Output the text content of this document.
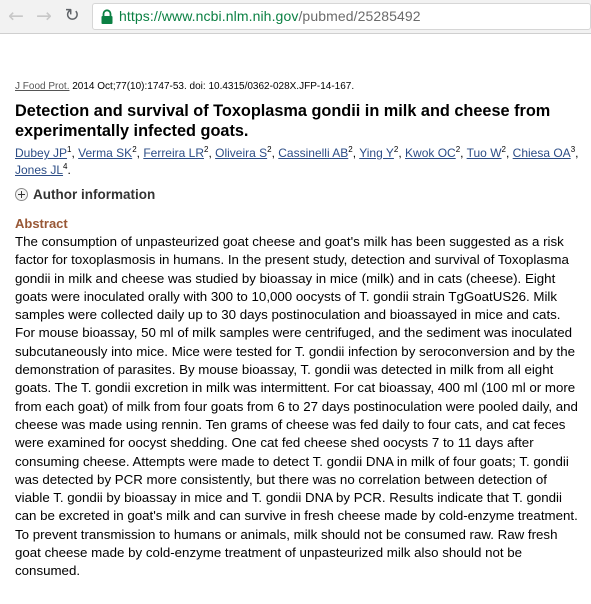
← → ↻	https://www.ncbi.nlm.nih.gov/pubmed/25285492
J Food Prot. 2014 Oct;77(10):1747-53. doi: 10.4315/0362-028X.JFP-14-167.
Detection and survival of Toxoplasma gondii in milk and cheese from experimentally infected goats.
Dubey $JP^1$, Verma $SK^2$, Ferreira $LR^2$, Oliveira $S^2$, Cassinelli $AB^2$, Ying $Y^2$, Kwok $OC^2$, Tuo $W^2$, Chiesa $OA^3$, Jones $JL^4$.
Author information
Abstract

The consumption of unpasteurized goat cheese and goat's milk has been suggested as a risk factor for toxoplasmosis in humans. In the present study, detection and survival of Toxoplasma gondii in milk and cheese was studied by bioassay in mice (milk) and in cats (cheese). Eight goats were inoculated orally with 300 to 10,000 oocysts of T. gondii strain TgGoatUS26. Milk samples were collected daily up to 30 days postinoculation and bioassayed in mice and cats. For mouse bioassay, 50 ml of milk samples were centrifuged, and the sediment was inoculated subcutaneously into mice. Mice were tested for T. gondii infection by seroconversion and by the demonstration of parasites. By mouse bioassay, T. gondii was detected in milk from all eight goats. The T. gondii excretion in milk was intermittent. For cat bioassay, 400 ml (100 ml or more from each goat) of milk from four goats from 6 to 27 days postinoculation were pooled daily, and cheese was made using rennin. Ten grams of cheese was fed daily to four cats, and cat feces were examined for oocyst shedding. One cat fed cheese shed oocysts 7 to 11 days after consuming cheese. Attempts were made to detect T. gondii DNA in milk of four goats; T. gondii was detected by PCR more consistently, but there was no correlation between detection of viable T. gondii by bioassay in mice and T. gondii DNA by PCR. Results indicate that T. gondii can be excreted in goat's milk and can survive in fresh cheese made by cold-enzyme treatment. To prevent transmission to humans or animals, milk should not be consumed raw. Raw fresh goat cheese made by cold-enzyme treatment of unpasteurized milk also should not be consumed.
